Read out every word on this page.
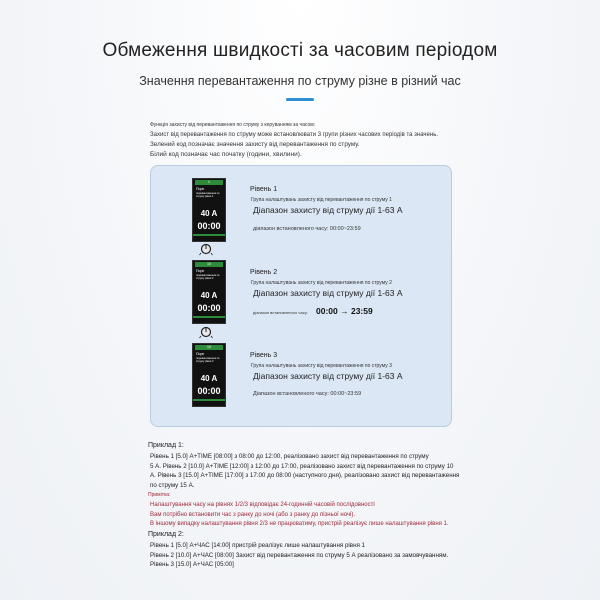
Обмеження швидкості за часовим періодом
Значення перевантаження по струму різне в різний час
Функція захисту від перевантаження по струму з керуванням за часом:
Захист від перевантаження по струму може встановлювати 3 групи різних часових періодів та значень.
Зелений код позначає значення захисту від перевантаження по струму.
Білий код позначає час початку (години, хвилини).
1
Поріг
перевантаження по струму рівня 1
40 A
00:00
10
Поріг
перевантаження по струму рівня 2
40 A
00:00
10
Поріг
перевантаження по струму рівня 3
40 A
00:00
Рівень 1
Група налаштувань захисту від перевантаження по струму 1
Діапазон захисту від струму дії 1-63 A
діапазон встановленого часу: 00:00~23:59
Рівень 2
Група налаштувань захисту від перевантаження по струму 2
Діапазон захисту від струму дії 1-63 A
діапазон встановленого часу: 00:00 → 23:59
Рівень 3
Група налаштувань захисту від перевантаження по струму 3
Діапазон захисту від струму дії 1-63 A
Діапазон встановленого часу: 00:00~23:59
Приклад 1:
Рівень 1 [5.0] А+TIME [08:00] з 08:00 до 12:00, реалізовано захист від перевантаження по струму
5 А. Рівень 2 [10.0] А+TIME [12:00] з 12:00 до 17:00, реалізовано захист від перевантаження по струму 10
А. Рівень 3 [15.0] А+TIME [17:00] з 17:00 до 08:00 (наступного дня), реалізовано захист від перевантаження
по струму 15 А.
Примітка:
Налаштування часу на рівнях 1/2/3 відповідає 24-годинній часовій послідовності
Вам потрібно встановити час з ранку до ночі (або з ранку до пізньої ночі).
В іншому випадку налаштування рівня 2/3 не працюватиму, пристрій реалізує лише налаштування рівня 1.
Приклад 2:
Рівень 1 [5.0] А+ЧАС [14:00] пристрій реалізує лише налаштування рівня 1
Рівень 2 [10.0] А+ЧАС [08:00] Захист від перевантаження по струму 5 А реалізовано за замовчуванням.
Рівень 3 [15.0] А+ЧАС [05:00]
